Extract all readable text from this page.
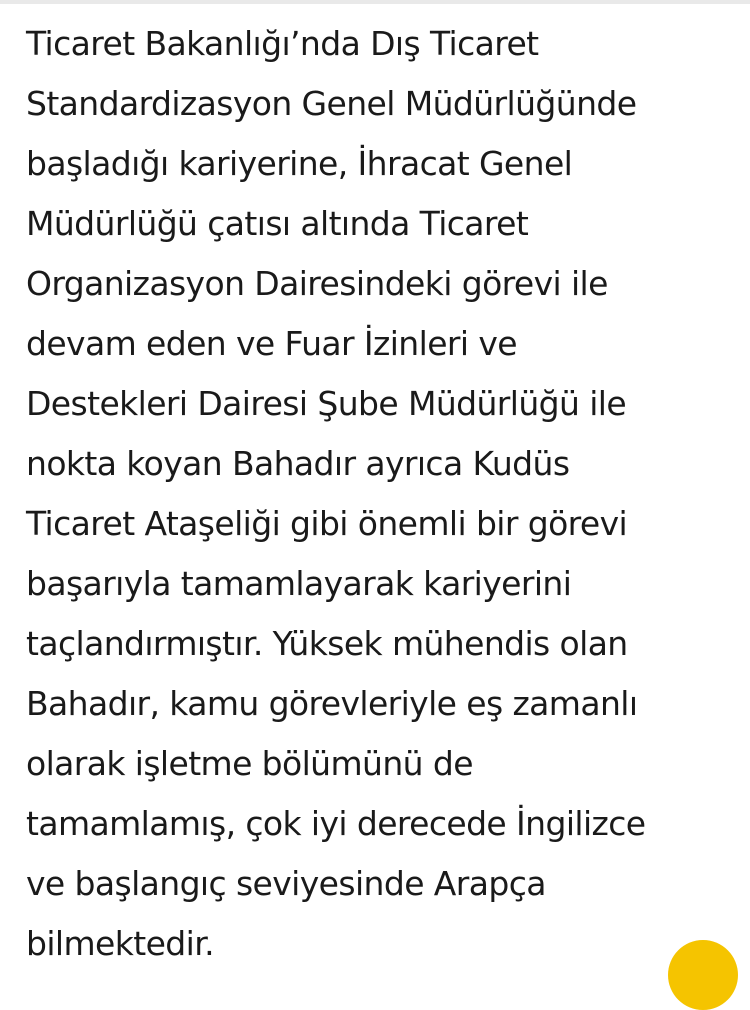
Ticaret Bakanlığı’nda Dış Ticaret
Standardizasyon Genel Müdürlüğünde
başladığı kariyerine, İhracat Genel
Müdürlüğü çatısı altında Ticaret
Organizasyon Dairesindeki görevi ile
devam eden ve Fuar İzinleri ve
Destekleri Dairesi Şube Müdürlüğü ile
nokta koyan Bahadır ayrıca Kudüs
Ticaret Ataşeliği gibi önemli bir görevi
başarıyla tamamlayarak kariyerini
taçlandırmıştır. Yüksek mühendis olan
Bahadır, kamu görevleriyle eş zamanlı
olarak işletme bölümünü de
tamamlamış, çok iyi derecede İngilizce
ve başlangıç seviyesinde Arapça
bilmektedir.
